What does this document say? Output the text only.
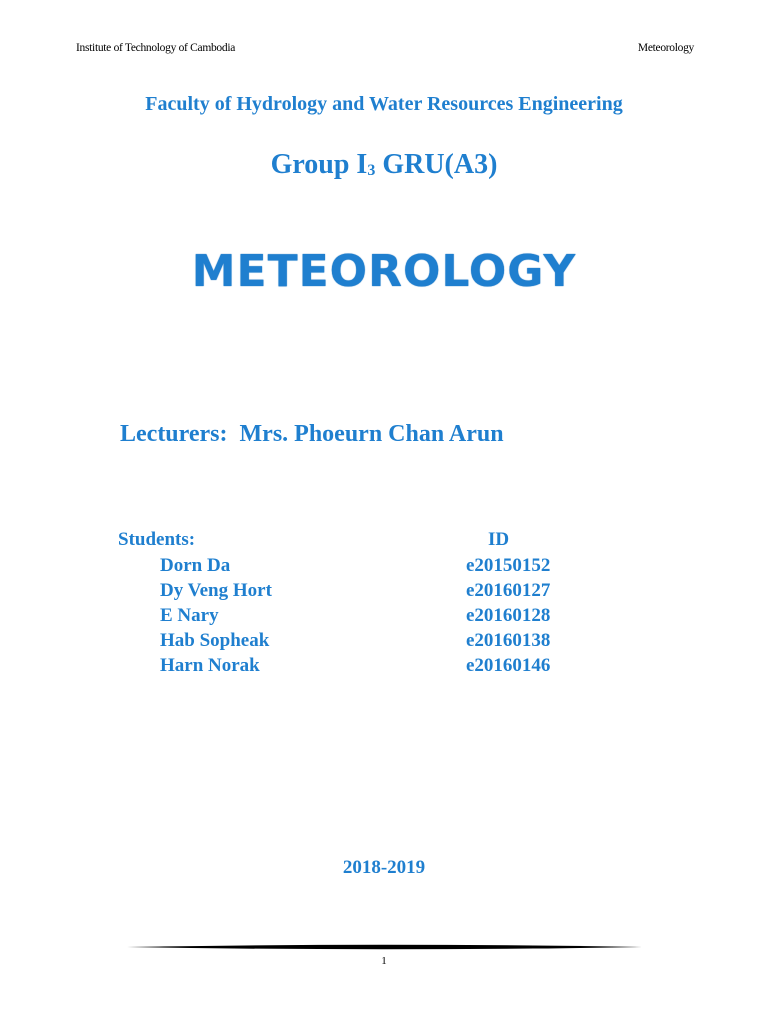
Institute of Technology of Cambodia	Meteorology
Faculty of Hydrology and Water Resources Engineering
Group $I_3$ GRU(A3)
METEOROLOGY
Lecturers:  Mrs. Phoeurn Chan Arun
Students:	ID
Dorn Da	e20150152
Dy Veng Hort	e20160127
E Nary	e20160128
Hab Sopheak	e20160138
Harn Norak	e20160146
2018-2019
1
